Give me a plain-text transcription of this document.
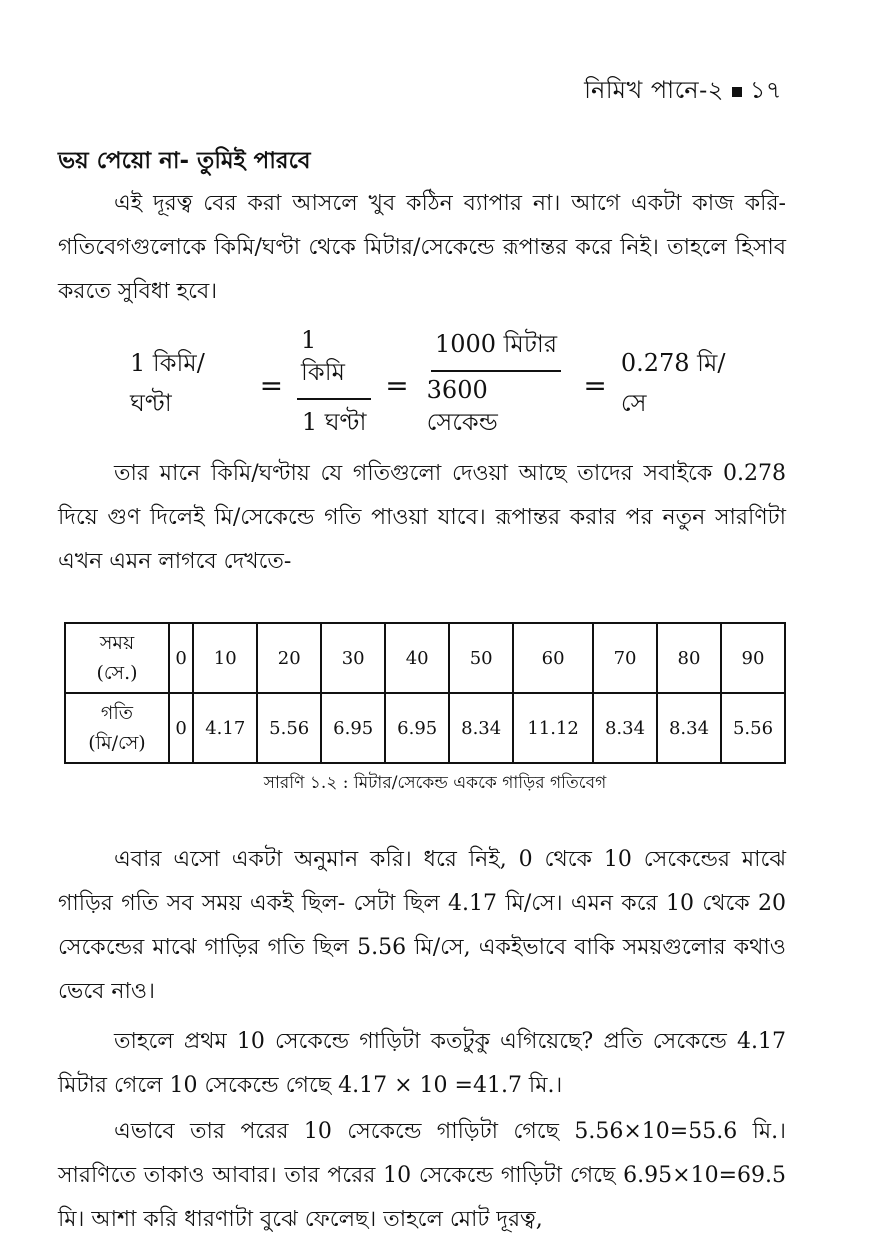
নিমিখ পানে-২ ১৭
ভয় পেয়ো না- তুমিই পারবে
এই দূরত্ব বের করা আসলে খুব কঠিন ব্যাপার না। আগে একটা কাজ করি- গতিবেগগুলোকে কিমি/ঘণ্টা থেকে মিটার/সেকেন্ডে রূপান্তর করে নিই। তাহলে হিসাব করতে সুবিধা হবে।
1 কিমি/ঘণ্টা
= $\frac{\text{1 কিমি}}{\text{1 ঘণ্টা}} = \frac{\text{1000 মিটার}}{\text{3600 সেকেন্ড}}$ =
0.278 মি/সে
তার মানে কিমি/ঘণ্টায় যে গতিগুলো দেওয়া আছে তাদের সবাইকে 0.278 দিয়ে গুণ দিলেই মি/সেকেন্ডে গতি পাওয়া যাবে। রূপান্তর করার পর নতুন সারণিটা এখন এমন লাগবে দেখতে-
সময়
(সে.)	0	10	20	30	40	50	60	70	80	90

গতি
(মি/সে)	0	4.17	5.56	6.95	6.95	8.34	11.12	8.34	8.34	5.56
সারণি ১.২ : মিটার/সেকেন্ড এককে গাড়ির গতিবেগ
এবার এসো একটা অনুমান করি। ধরে নিই, 0 থেকে 10 সেকেন্ডের মাঝে গাড়ির গতি সব সময় একই ছিল- সেটা ছিল 4.17 মি/সে। এমন করে 10 থেকে 20 সেকেন্ডের মাঝে গাড়ির গতি ছিল 5.56 মি/সে, একইভাবে বাকি সময়গুলোর কথাও ভেবে নাও।
তাহলে প্রথম 10 সেকেন্ডে গাড়িটা কতটুকু এগিয়েছে? প্রতি সেকেন্ডে 4.17 মিটার গেলে 10 সেকেন্ডে গেছে 4.17 × 10 =41.7 মি.।
এভাবে তার পরের 10 সেকেন্ডে গাড়িটা গেছে 5.56×10=55.6 মি.। সারণিতে তাকাও আবার। তার পরের 10 সেকেন্ডে গাড়িটা গেছে 6.95×10=69.5 মি। আশা করি ধারণাটা বুঝে ফেলেছ। তাহলে মোট দূরত্ব,
